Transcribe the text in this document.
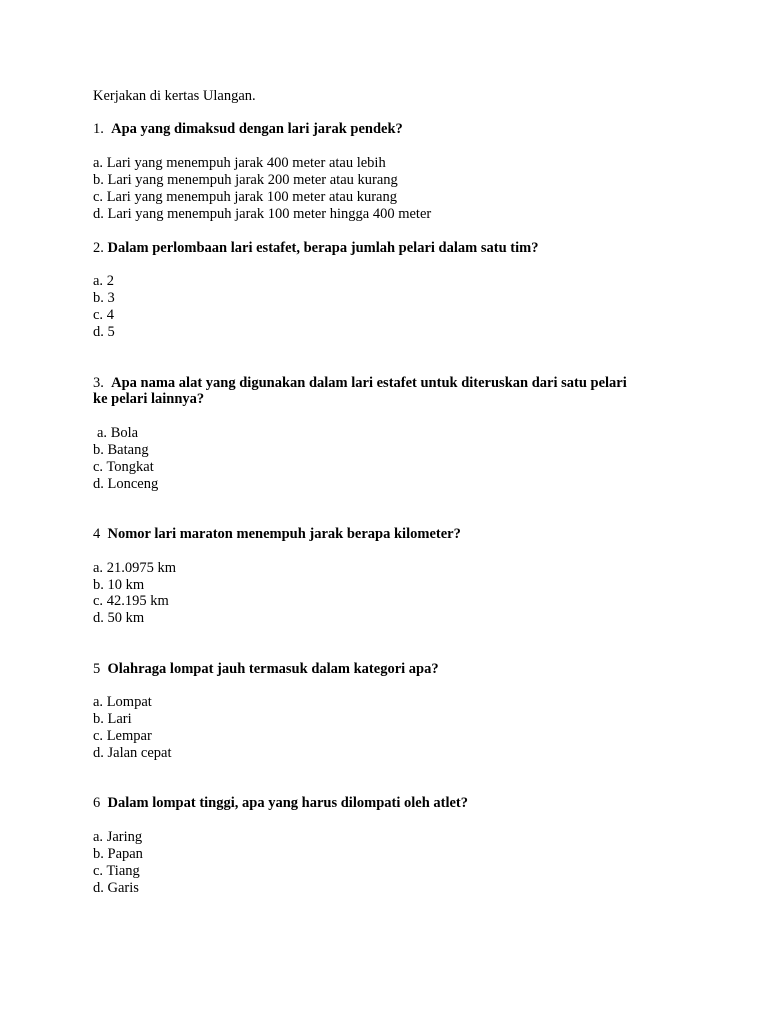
Kerjakan di kertas Ulangan.
1. Apa yang dimaksud dengan lari jarak pendek?
a. Lari yang menempuh jarak 400 meter atau lebih
b. Lari yang menempuh jarak 200 meter atau kurang
c. Lari yang menempuh jarak 100 meter atau kurang
d. Lari yang menempuh jarak 100 meter hingga 400 meter
2. Dalam perlombaan lari estafet, berapa jumlah pelari dalam satu tim?
a. 2
b. 3
c. 4
d. 5
3. Apa nama alat yang digunakan dalam lari estafet untuk diteruskan dari satu pelari
ke pelari lainnya?
a. Bola
b. Batang
c. Tongkat
d. Lonceng
4 Nomor lari maraton menempuh jarak berapa kilometer?
a. 21.0975 km
b. 10 km
c. 42.195 km
d. 50 km
5 Olahraga lompat jauh termasuk dalam kategori apa?
a. Lompat
b. Lari
c. Lempar
d. Jalan cepat
6 Dalam lompat tinggi, apa yang harus dilompati oleh atlet?
a. Jaring
b. Papan
c. Tiang
d. Garis
